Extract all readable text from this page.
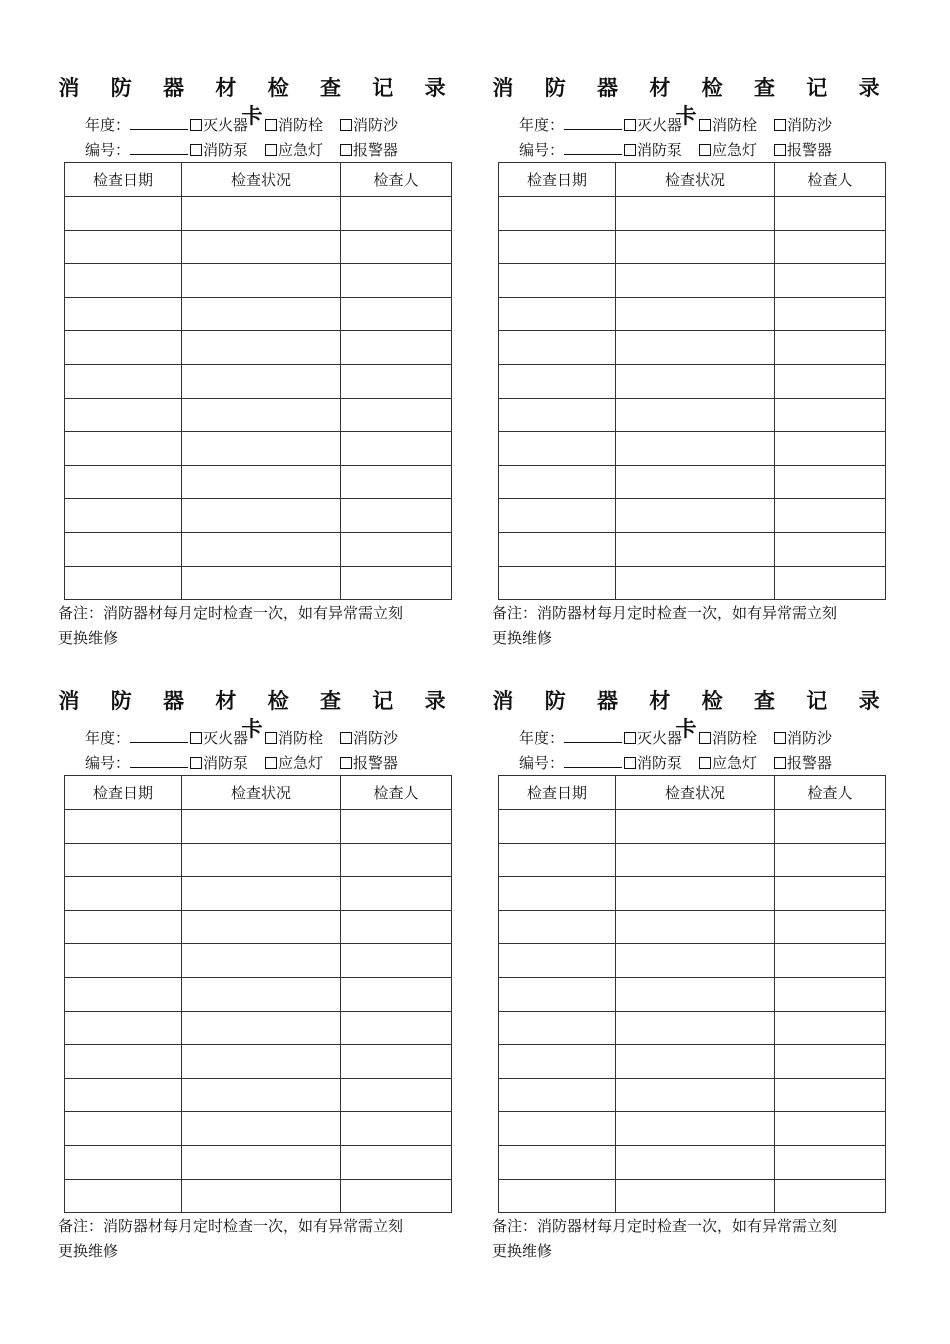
消 防 器 材 检 查 记 录 卡
年度：	灭火器 消防栓 消防沙
编号：	消防泵 应急灯 报警器
检查日期	检查状况	检查人

备注：消防器材每月定时检查一次，如有异常需立刻
更换维修
消 防 器 材 检 查 记 录 卡
年度：	灭火器 消防栓 消防沙
编号：	消防泵 应急灯 报警器
检查日期	检查状况	检查人

备注：消防器材每月定时检查一次，如有异常需立刻
更换维修
消 防 器 材 检 查 记 录 卡
年度：	灭火器 消防栓 消防沙
编号：	消防泵 应急灯 报警器
检查日期	检查状况	检查人

备注：消防器材每月定时检查一次，如有异常需立刻
更换维修
消 防 器 材 检 查 记 录 卡
年度：	灭火器 消防栓 消防沙
编号：	消防泵 应急灯 报警器
检查日期	检查状况	检查人

备注：消防器材每月定时检查一次，如有异常需立刻
更换维修
